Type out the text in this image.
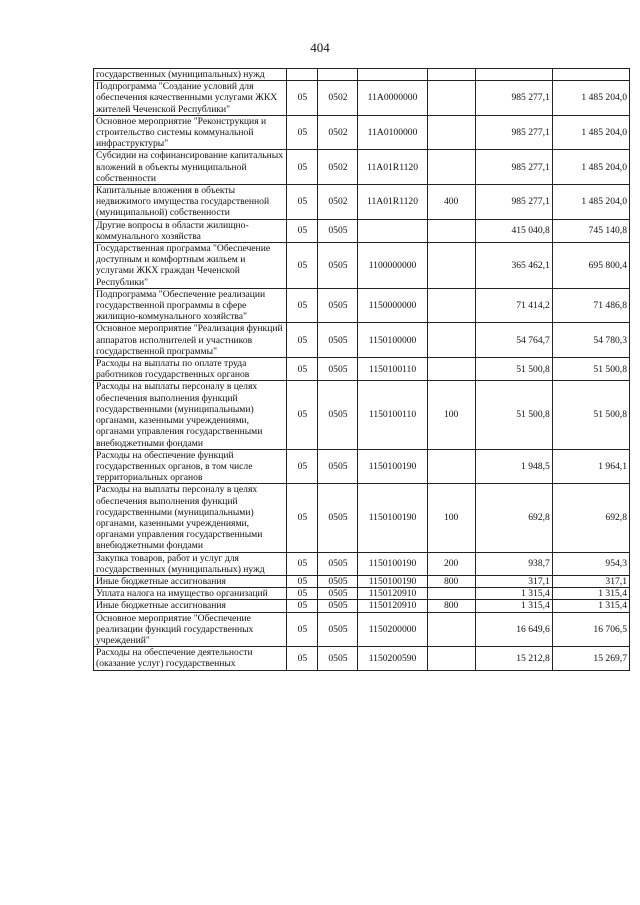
404
государственных (муниципальных) нужд						
Подпрограмма "Создание условий для обеспечения качественными услугами ЖКХ жителей Чеченской Республики"	05	0502	11А0000000		985 277,1	1 485 204,0
Основное мероприятие "Реконструкция и строительство системы коммунальной инфраструктуры"	05	0502	11А0100000		985 277,1	1 485 204,0
Субсидии на софинансирование капитальных вложений в объекты муниципальной собственности	05	0502	11А01R1120		985 277,1	1 485 204,0
Капитальные вложения в объекты недвижимого имущества государственной (муниципальной) собственности	05	0502	11А01R1120	400	985 277,1	1 485 204,0
Другие вопросы в области жилищно-коммунального хозяйства	05	0505			415 040,8	745 140,8
Государственная программа "Обеспечение доступным и комфортным жильем и услугами ЖКХ граждан Чеченской Республики"	05	0505	1100000000		365 462,1	695 800,4
Подпрограмма "Обеспечение реализации государственной программы в сфере жилищно-коммунального хозяйства"	05	0505	1150000000		71 414,2	71 486,8
Основное мероприятие "Реализация функций аппаратов исполнителей и участников государственной программы"	05	0505	1150100000		54 764,7	54 780,3
Расходы на выплаты по оплате труда работников государственных органов	05	0505	1150100110		51 500,8	51 500,8
Расходы на выплаты персоналу в целях обеспечения выполнения функций государственными (муниципальными) органами, казенными учреждениями, органами управления государственными внебюджетными фондами	05	0505	1150100110	100	51 500,8	51 500,8
Расходы на обеспечение функций государственных органов, в том числе территориальных органов	05	0505	1150100190		1 948,5	1 964,1
Расходы на выплаты персоналу в целях обеспечения выполнения функций государственными (муниципальными) органами, казенными учреждениями, органами управления государственными внебюджетными фондами	05	0505	1150100190	100	692,8	692,8
Закупка товаров, работ и услуг для государственных (муниципальных) нужд	05	0505	1150100190	200	938,7	954,3
Иные бюджетные ассигнования	05	0505	1150100190	800	317,1	317,1
Уплата налога на имущество организаций	05	0505	1150120910		1 315,4	1 315,4
Иные бюджетные ассигнования	05	0505	1150120910	800	1 315,4	1 315,4
Основное мероприятие "Обеспечение реализации функций государственных учреждений"	05	0505	1150200000		16 649,6	16 706,5
Расходы на обеспечение деятельности (оказание услуг) государственных	05	0505	1150200590		15 212,8	15 269,7
